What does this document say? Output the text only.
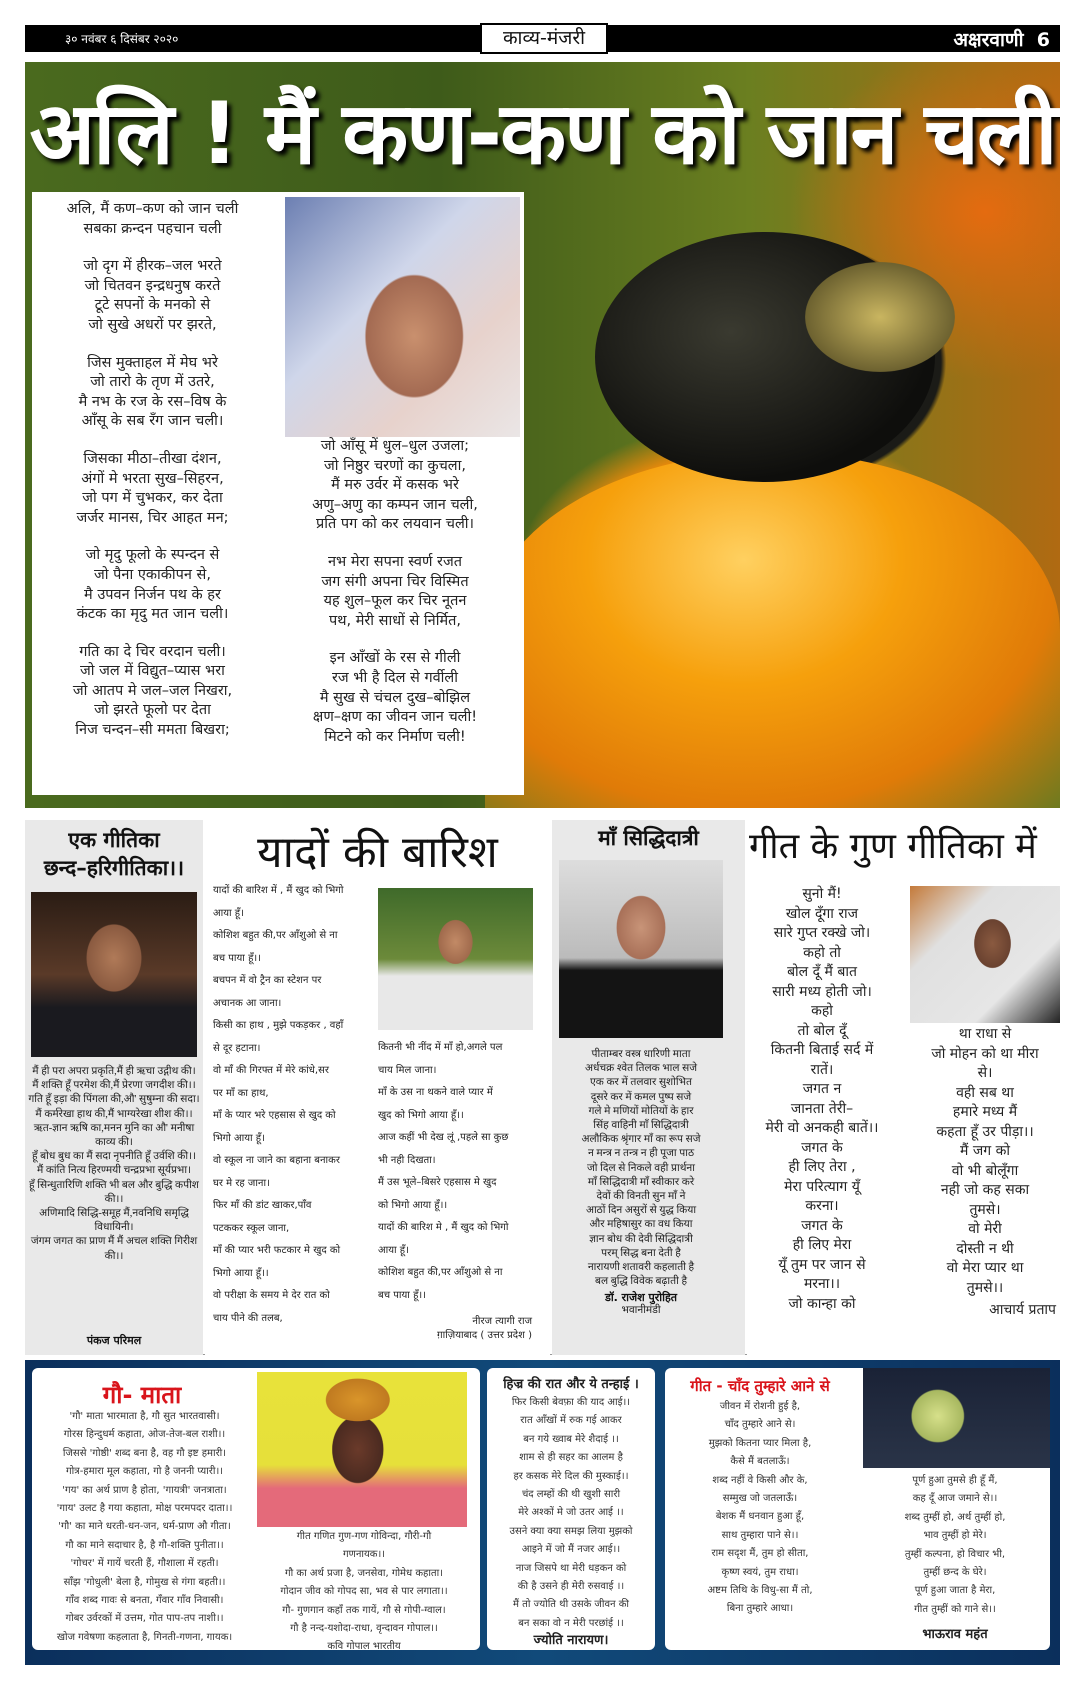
३० नवंबर ६ दिसंबर २०२०	काव्य-मंजरी	अक्षरवाणी 6
अलि ! मैं कण-कण को जान चली
अलि, मैं कण–कण को जान चली
सबका क्रन्दन पहचान चली
जो दृग में हीरक–जल भरते
जो चितवन इन्द्रधनुष करते
टूटे सपनों के मनको से
जो सुखे अधरों पर झरते,
जिस मुक्ताहल में मेघ भरे
जो तारो के तृण में उतरे,
मै नभ के रज के रस–विष के
आँसू के सब रँग जान चली।
जिसका मीठा–तीखा दंशन,
अंगों मे भरता सुख–सिहरन,
जो पग में चुभकर, कर देता
जर्जर मानस, चिर आहत मन;
जो मृदु फूलो के स्पन्दन से
जो पैना एकाकीपन से,
मै उपवन निर्जन पथ के हर
कंटक का मृदु मत जान चली।
गति का दे चिर वरदान चली।
जो जल में विद्युत–प्यास भरा
जो आतप मे जल–जल निखरा,
जो झरते फूलो पर देता
निज चन्दन–सी ममता बिखरा;
जो आँसू में धुल–धुल उजला;
जो निष्ठुर चरणों का कुचला,
मैं मरु उर्वर में कसक भरे
अणु–अणु का कम्पन जान चली,
प्रति पग को कर लयवान चली।
नभ मेरा सपना स्वर्ण रजत
जग संगी अपना चिर विस्मित
यह शुल–फूल कर चिर नूतन
पथ, मेरी साधों से निर्मित,
इन आँखों के रस से गीली
रज भी है दिल से गर्वीली
मै सुख से चंचल दुख–बोझिल
क्षण–क्षण का जीवन जान चली!
मिटने को कर निर्माण चली!
एक गीतिका
छन्द–हरिगीतिका।।
मैं ही परा अपरा प्रकृति,मैं ही ऋचा उद्गीथ की।
मैं शक्ति हूँ परमेश की,मैं प्रेरणा जगदीश की।।
गति हूँ इड़ा की पिंगला की,औ' सुषुम्ना की सदा।
मैं कर्मरेखा हाथ की,मैं भाग्यरेखा शीश की।।
ऋत-ज्ञान ऋषि का,मनन मुनि का औ' मनीषा काव्य की।
हूँ बोध बुध का मैं सदा नृपनीति हूँ उर्वशि की।।
मैं कांति नित्य हिरण्मयी चन्द्रप्रभा सूर्यप्रभा।
हूँ सिन्धुतारिणि शक्ति भी बल और बुद्धि कपीश की।।
अणिमादि सिद्धि-समूह मैं,नवनिधि समृद्धि विधायिनी।
जंगम जगत का प्राण मैं मैं अचल शक्ति गिरीश की।।
पंकज परिमल
यादों की बारिश
यादों की बारिश में , मैं खुद को भिगो
आया हूँ।
कोशिश बहुत की,पर आँशुओ से ना
बच पाया हूँ।।
बचपन में वो ट्रैन का स्टेशन पर
अचानक आ जाना।
किसी का हाथ , मुझे पकड़कर , वहाँ
से दूर हटाना।
वो माँ की गिरफ्त में मेरे कांधे,सर
पर माँ का हाथ,
माँ के प्यार भरे एहसास से खुद को
भिगो आया हूँ।
वो स्कूल ना जाने का बहाना बनाकर
घर मे रह जाना।
फिर माँ की डांट खाकर,पाँव
पटककर स्कूल जाना,
माँ की प्यार भरी फटकार मे खुद को
भिगो आया हूँ।।
वो परीक्षा के समय मे देर रात को
चाय पीने की तलब,
कितनी भी नींद में माँ हो,अगले पल
चाय मिल जाना।
माँ के उस ना थकने वाले प्यार में
खुद को भिगो आया हूँ।।
आज कहीं भी देख लूं ,पहले सा कुछ
भी नही दिखता।
मैं उस भूले–बिसरे एहसास मे खुद
को भिगो आया हूँ।।
यादों की बारिश मे , मैं खुद को भिगो
आया हूँ।
कोशिश बहुत की,पर आँशुओ से ना
बच पाया हूँ।।
नीरज त्यागी राज
ग़ाज़ियाबाद ( उत्तर प्रदेश )
माँ सिद्धिदात्री
पीताम्बर वस्त्र धारिणी माता
अर्धचक्र श्वेत तिलक भाल सजे
एक कर में तलवार सुशोभित
दूसरे कर में कमल पुष्प सजे
गले मे मणियों मोतियों के हार
सिंह वाहिनी माँ सिद्धिदात्री
अलौकिक श्रृंगार माँ का रूप सजे
न मन्त्र न तन्त्र न ही पूजा पाठ
जो दिल से निकले वही प्रार्थना
माँ सिद्धिदात्री माँ स्वीकार करे
देवों की विनती सुन माँ ने
आठों दिन असुरों से युद्ध किया
और महिषासुर का वध किया
ज्ञान बोध की देवी सिद्धिदात्री
परम् सिद्ध बना देती है
नारायणी शतावरी कहलाती है
बल बुद्धि विवेक बढ़ाती है
डॉ. राजेश पुरोहित
भवानीमंडी
गीत के गुण गीतिका में
सुनो मैं!
खोल दूँगा राज
सारे गुप्त रक्खे जो।
कहो तो
बोल दूँ मैं बात
सारी मध्य होती जो।
कहो
तो बोल दूँ
कितनी बिताई सर्द में
रातें।
जगत न
जानता तेरी–
मेरी वो अनकही बातें।।
जगत के
ही लिए तेरा ,
मेरा परित्याग यूँ
करना।
जगत के
ही लिए मेरा
यूँ तुम पर जान से
मरना।।
जो कान्हा को
था राधा से
जो मोहन को था मीरा
से।
वही सब था
हमारे मध्य मैं
कहता हूँ उर पीड़ा।।
मैं जग को
वो भी बोलूँगा
नही जो कह सका
तुमसे।
वो मेरी
दोस्ती न थी
वो मेरा प्यार था
तुमसे।।
आचार्य प्रताप
गौ- माता
'गौ' माता भारमाता है, गौ सुत भारतवासी।
गोरस हिन्दुधर्म कहाता, ओज-तेज-बल राशी।।
जिससे 'गोष्ठी' शब्द बना है, वह गौ इष्ट हमारी।
गोत्र-हमारा मूल कहाता, गो है जननी प्यारी।।
'गय' का अर्थ प्राण है होता, 'गायत्री' जनत्राता।
'गाय' उलट है गया कहाता, मोक्ष परमपदर दाता।।
'गौ' का माने धरती-धन-जन, धर्म-प्राण औ गीता।
गौ का माने सदाचार है, है गौ-शक्ति पुनीता।।
'गोचर' में गायें चरती हैं, गौशाला में रहती।
साँझ 'गोधुली' बेला है, गोमुख से गंगा बहती।।
गाँव शब्द गावः से बनता, गँवार गाँव निवासी।
गोबर उर्वरकों में उत्तम, गोत पाप-तप नाशी।।
खोज गवेषणा कहलाता है, गिनती-गणना, गायक।
गीत गणित गुण-गण गोविन्दा, गौरी-गौ
गणनायक।।
गौ का अर्थ प्रजा है, जनसेवा, गोमेध कहाता।
गोदान जीव को गोपद सा, भव से पार लगाता।।
गौ- गुणगान कहाँ तक गायें, गौ से गोपी-ग्वाल।
गौ है नन्द-यशोदा-राधा, वृन्दावन गोपाल।।
कवि गोपाल भारतीय
हिज्र की रात और ये तन्हाई ।
फिर किसी बेवफ़ा की याद आई।।
रात आँखों में रुक गई आकर
बन गये ख्वाब मेरे शैदाई ।।
शाम से ही सहर का आलम है
हर कसक मेरे दिल की मुस्काई।।
चंद लम्हों की थी खुशी सारी
मेरे अश्कों मे जो उतर आई ।।
उसने क्या क्या समझ लिया मुझको
आइने में जो मैं नजर आई।।
नाज जिसपे था मेरी धड़कन को
की है उसने ही मेरी रुसवाई ।।
मैं तो ज्योति थी उसके जीवन की
बन सका वो न मेरी परछांई ।।
ज्योति नारायण।
गीत - चाँद तुम्हारे आने से
जीवन में रोशनी हुई है,
चाँद तुम्हारे आने से।
मुझको कितना प्यार मिला है,
कैसे मैं बतलाऊँ।
शब्द नहीं वे किसी और के,
सम्मुख जो जतलाऊँ।
बेशक मैं धनवान हुआ हूँ,
साथ तुम्हारा पाने से।।
राम सदृश मैं, तुम हो सीता,
कृष्ण स्वयं, तुम राधा।
अष्टम तिथि के विधु-सा मैं तो,
बिना तुम्हारे आधा।
पूर्ण हुआ तुमसे ही हूँ मैं,
कह दूँ आज जमाने से।।
शब्द तुम्हीं हो, अर्थ तुम्हीं हो,
भाव तुम्हीं हो मेरे।
तुम्हीं कल्पना, हो विचार भी,
तुम्हीं छन्द के घेरे।
पूर्ण हुआ जाता है मेरा,
गीत तुम्हीं को गाने से।।
भाऊराव महंत
